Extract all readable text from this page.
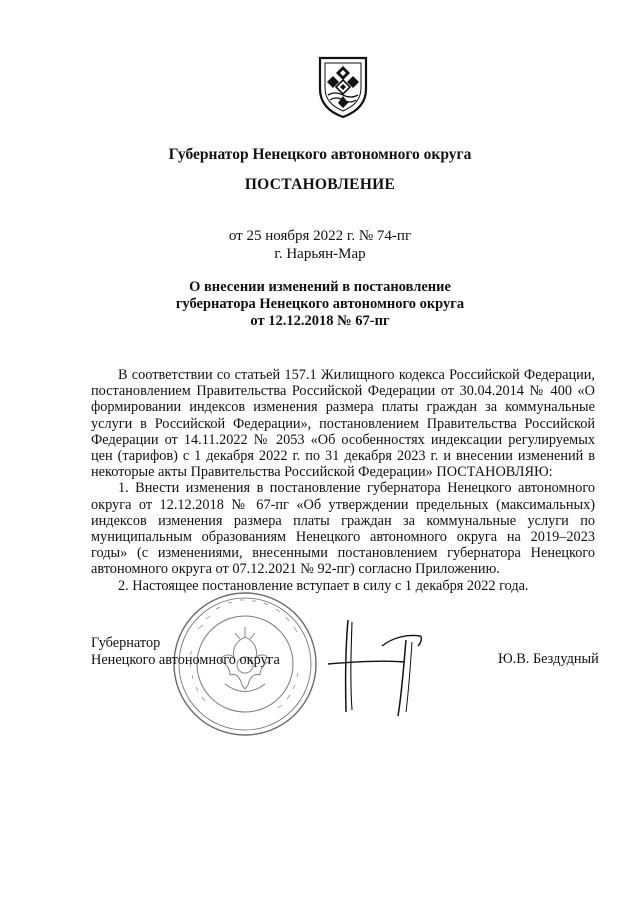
Губернатор Ненецкого автономного округа
ПОСТАНОВЛЕНИЕ
от 25 ноября 2022 г. № 74-пг
г. Нарьян-Мар
О внесении изменений в постановление
губернатора Ненецкого автономного округа
от 12.12.2018 № 67-пг

В соответствии со статьей 157.1 Жилищного кодекса Российской Федерации, постановлением Правительства Российской Федерации от 30.04.2014 № 400 «О формировании индексов изменения размера платы граждан за коммунальные услуги в Российской Федерации», постановлением Правительства Российской Федерации от 14.11.2022 № 2053 «Об особенностях индексации регулируемых цен (тарифов) с 1 декабря 2022 г. по 31 декабря 2023 г. и внесении изменений в некоторые акты Правительства Российской Федерации» ПОСТАНОВЛЯЮ:

1. Внести изменения в постановление губернатора Ненецкого автономного округа от 12.12.2018 № 67-пг «Об утверждении предельных (максимальных) индексов изменения размера платы граждан за коммунальные услуги по муниципальным образованиям Ненецкого автономного округа на 2019–2023 годы» (с изменениями, внесенными постановлением губернатора Ненецкого автономного округа от 07.12.2021 № 92-пг) согласно Приложению.

2. Настоящее постановление вступает в силу с 1 декабря 2022 года.

Губернатор
Ненецкого автономного округа	Ю.В. Бездудный
